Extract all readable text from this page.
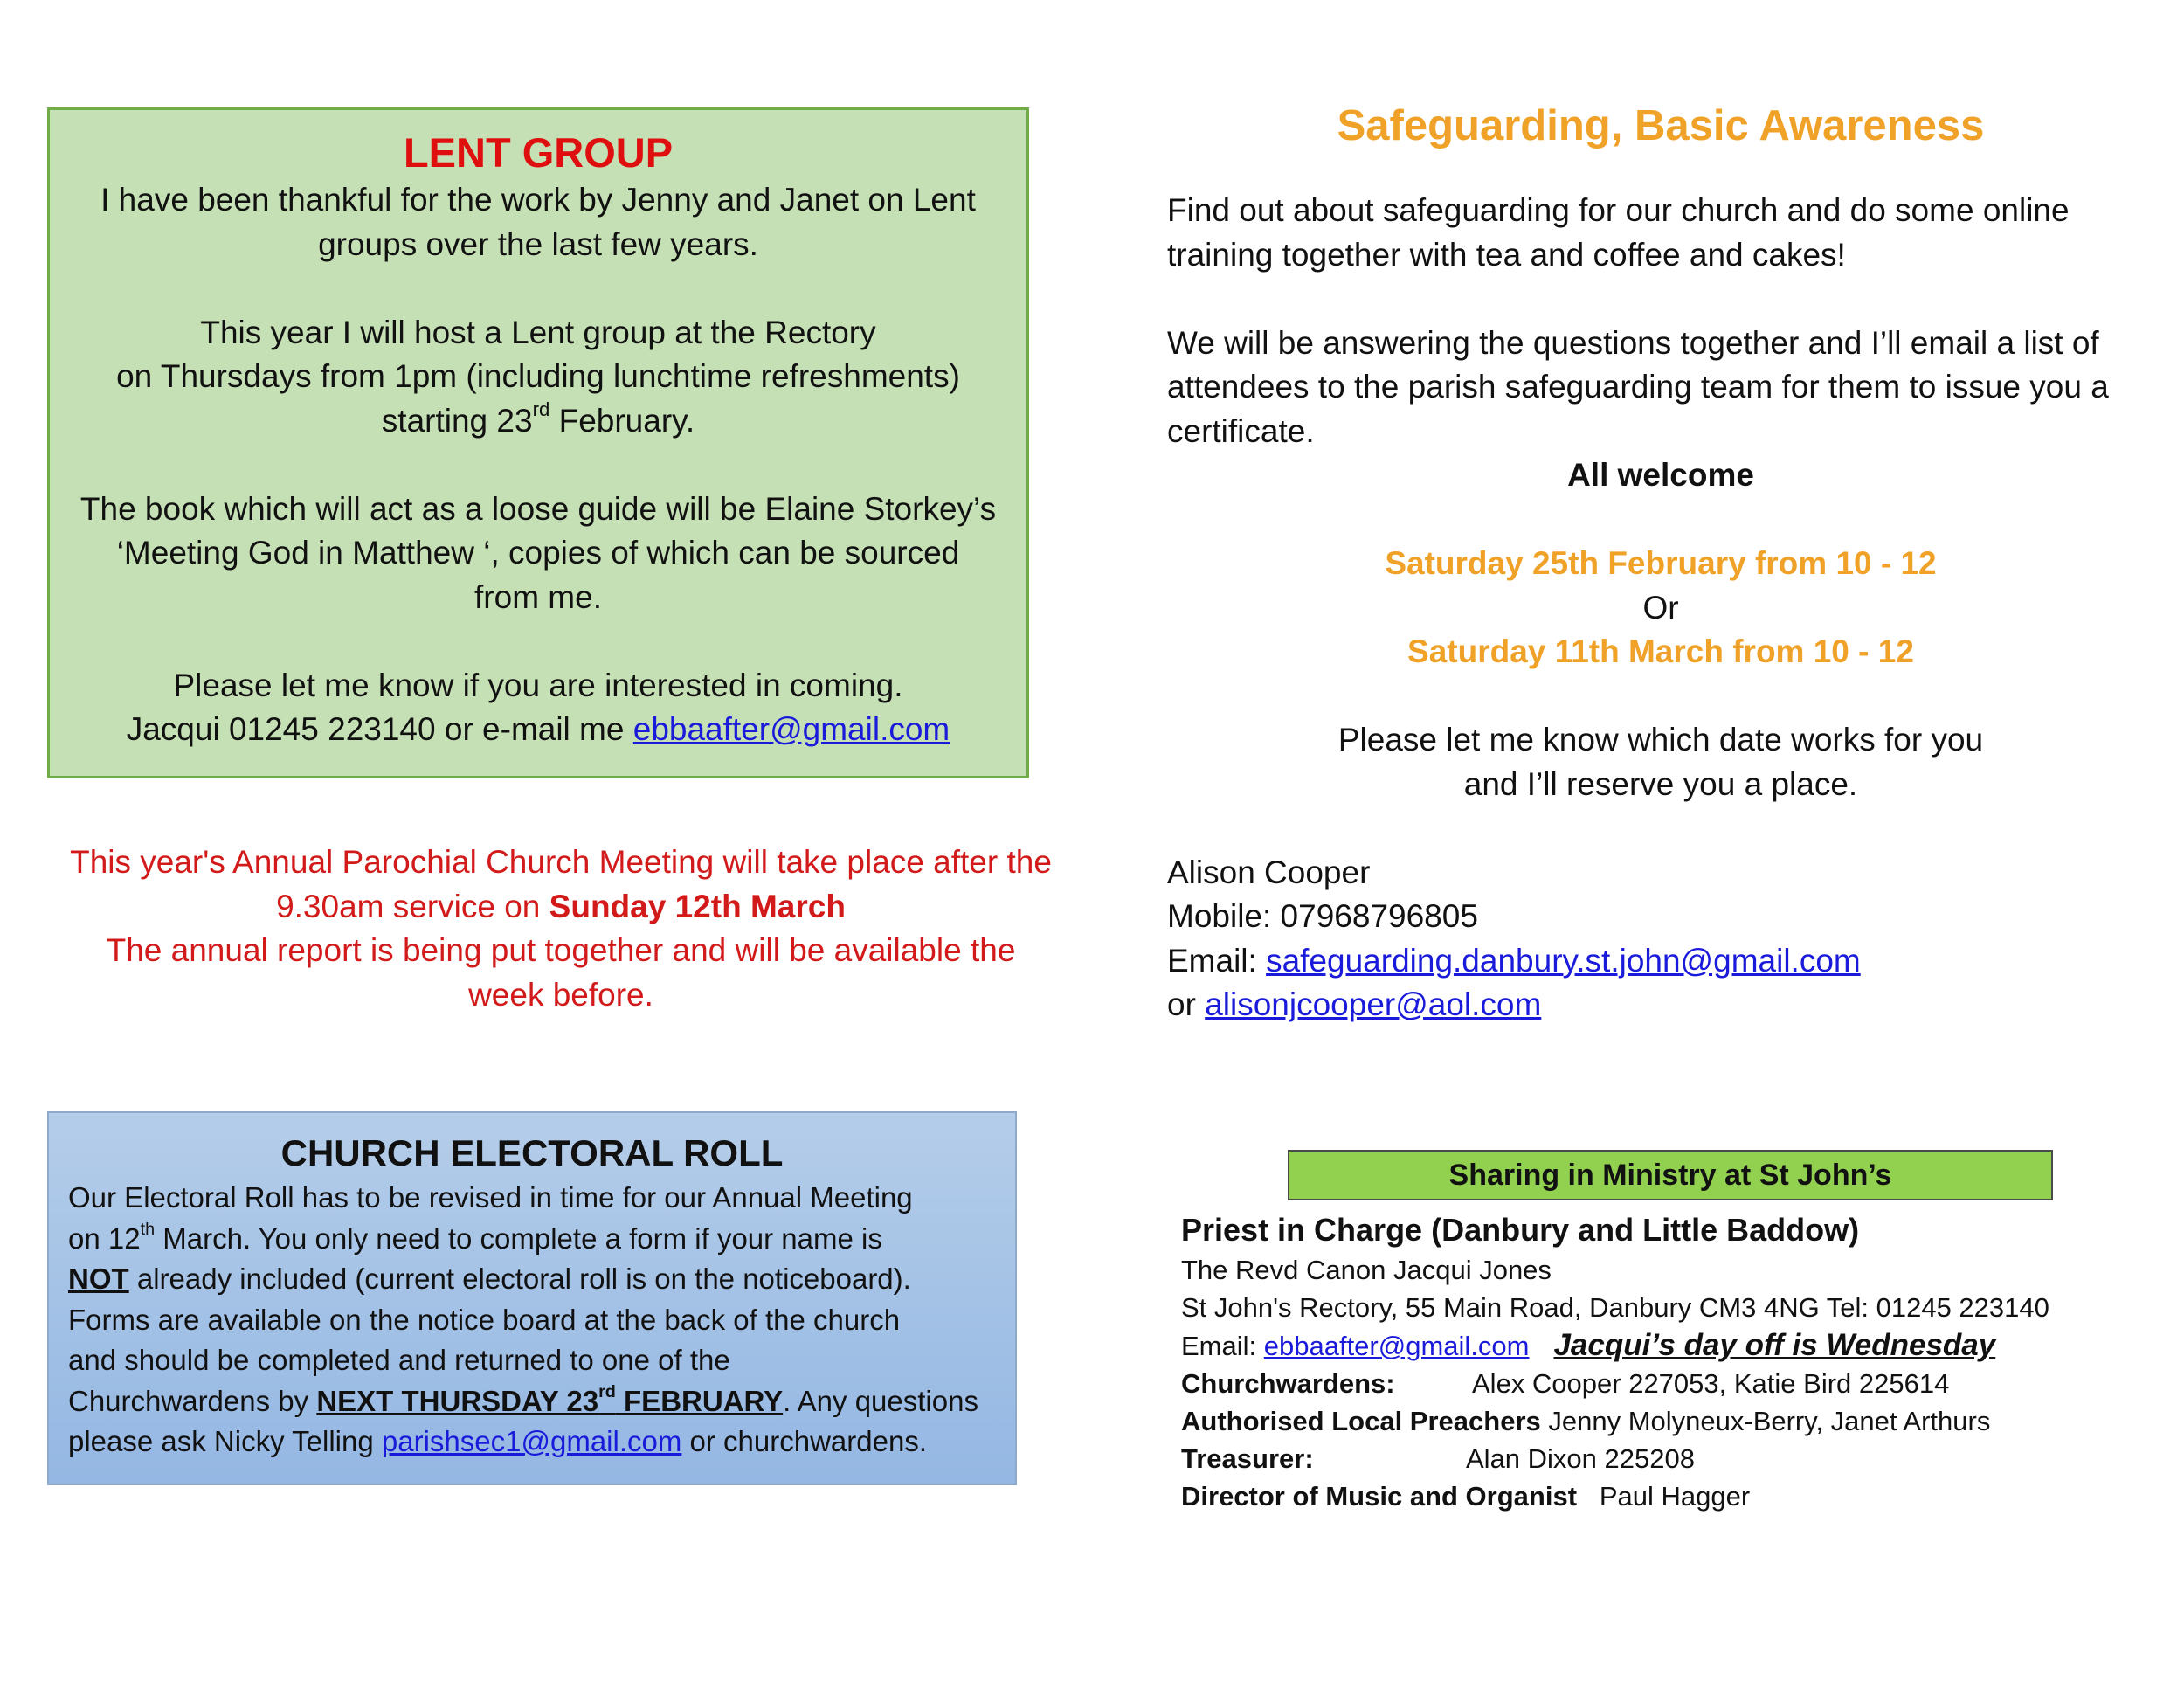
LENT GROUP

I have been thankful for the work by Jenny and Janet on Lent

groups over the last few years.

This year I will host a Lent group at the Rectory

on Thursdays from 1pm (including lunchtime refreshments)

starting 23rd February.

The book which will act as a loose guide will be Elaine Storkey’s

‘Meeting God in Matthew ‘, copies of which can be sourced

from me.

Please let me know if you are interested in coming.

Jacqui 01245 223140 or e-mail me ebbaafter@gmail.com

This year's Annual Parochial Church Meeting will take place after the

9.30am service on Sunday 12th March

The annual report is being put together and will be available the

week before.

CHURCH ELECTORAL ROLL

Our Electoral Roll has to be revised in time for our Annual Meeting

on 12th March. You only need to complete a form if your name is

NOT already included (current electoral roll is on the noticeboard).

Forms are available on the notice board at the back of the church

and should be completed and returned to one of the

Churchwardens by NEXT THURSDAY 23rd FEBRUARY. Any questions

please ask Nicky Telling parishsec1@gmail.com or churchwardens.

Safeguarding, Basic Awareness

Find out about safeguarding for our church and do some online

training together with tea and coffee and cakes!

We will be answering the questions together and I’ll email a list of

attendees to the parish safeguarding team for them to issue you a

certificate.

All welcome

Saturday 25th February from 10 - 12

Or

Saturday 11th March from 10 - 12

Please let me know which date works for you

and I’ll reserve you a place.

Alison Cooper

Mobile: 07968796805

Email: safeguarding.danbury.st.john@gmail.com

or alisonjcooper@aol.com

Sharing in Ministry at St John’s

Priest in Charge (Danbury and Little Baddow)

The Revd Canon Jacqui Jones

St John's Rectory, 55 Main Road, Danbury CM3 4NG Tel: 01245 223140

Email: ebbaafter@gmail.com Jacqui’s day off is Wednesday

Churchwardens:	Alex Cooper 227053, Katie Bird 225614

Authorised Local Preachers Jenny Molyneux-Berry, Janet Arthurs

Treasurer:	Alan Dixon 225208

Director of Music and Organist   Paul Hagger
